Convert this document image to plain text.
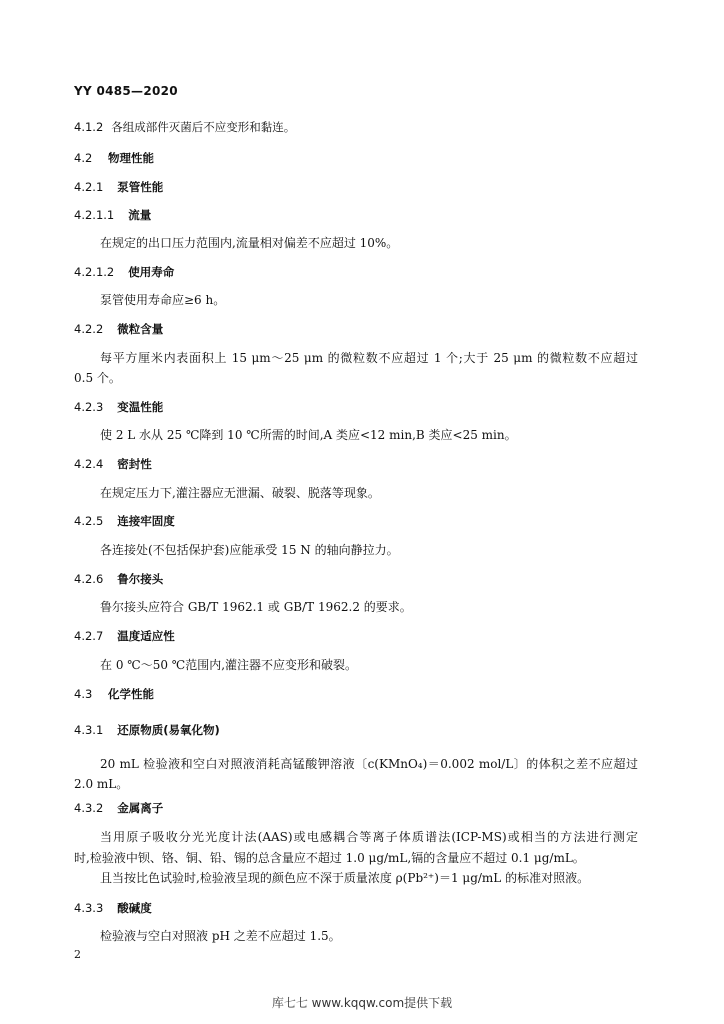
YY 0485—2020
4.1.2 各组成部件灭菌后不应变形和黏连。
4.2 物理性能
4.2.1 泵管性能
4.2.1.1 流量
在规定的出口压力范围内,流量相对偏差不应超过 10%。
4.2.1.2 使用寿命
泵管使用寿命应≥6 h。
4.2.2 微粒含量
每平方厘米内表面积上 15 μm～25 μm 的微粒数不应超过 1 个;大于 25 μm 的微粒数不应超过
0.5 个。
4.2.3 变温性能
使 2 L 水从 25 ℃降到 10 ℃所需的时间,A 类应<12 min,B 类应<25 min。
4.2.4 密封性
在规定压力下,灌注器应无泄漏、破裂、脱落等现象。
4.2.5 连接牢固度
各连接处(不包括保护套)应能承受 15 N 的轴向静拉力。
4.2.6 鲁尔接头
鲁尔接头应符合 GB/T 1962.1 或 GB/T 1962.2 的要求。
4.2.7 温度适应性
在 0 ℃～50 ℃范围内,灌注器不应变形和破裂。
4.3 化学性能
4.3.1 还原物质(易氧化物)
20 mL 检验液和空白对照液消耗高锰酸钾溶液〔c(KMnO₄)＝0.002 mol/L〕的体积之差不应超过
2.0 mL。
4.3.2 金属离子
当用原子吸收分光光度计法(AAS)或电感耦合等离子体质谱法(ICP-MS)或相当的方法进行测定
时,检验液中钡、铬、铜、铅、锡的总含量应不超过 1.0 μg/mL,镉的含量应不超过 0.1 μg/mL。
且当按比色试验时,检验液呈现的颜色应不深于质量浓度 ρ(Pb²⁺)＝1 μg/mL 的标准对照液。
4.3.3 酸碱度
检验液与空白对照液 pH 之差不应超过 1.5。
2
库七七 www.kqqw.com提供下载
